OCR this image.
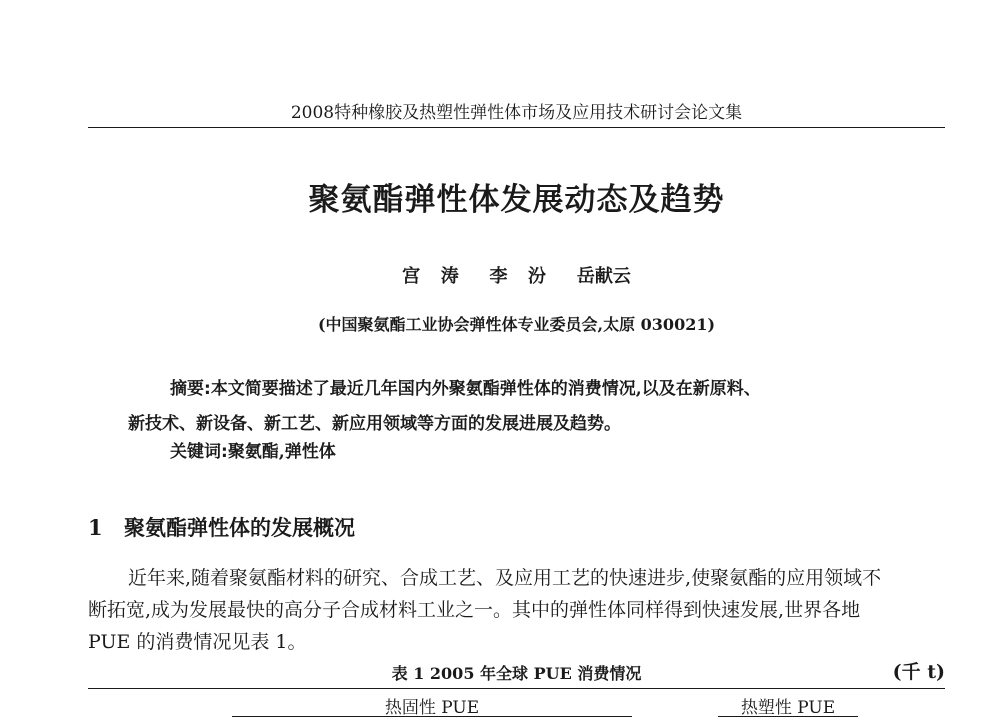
2008特种橡胶及热塑性弹性体市场及应用技术研讨会论文集
聚氨酯弹性体发展动态及趋势
宫  涛   李  汾   岳献云
(中国聚氨酯工业协会弹性体专业委员会,太原 030021)
摘要:本文简要描述了最近几年国内外聚氨酯弹性体的消费情况,以及在新原料、
新技术、新设备、新工艺、新应用领域等方面的发展进展及趋势。
关键词:聚氨酯,弹性体
1 聚氨酯弹性体的发展概况
近年来,随着聚氨酯材料的研究、合成工艺、及应用工艺的快速进步,使聚氨酯的应用领域不
断拓宽,成为发展最快的高分子合成材料工业之一。其中的弹性体同样得到快速发展,世界各地
PUE 的消费情况见表 1。
表 1 2005 年全球 PUE 消费情况	(千 t)
热固性 PUE	热塑性 PUE
